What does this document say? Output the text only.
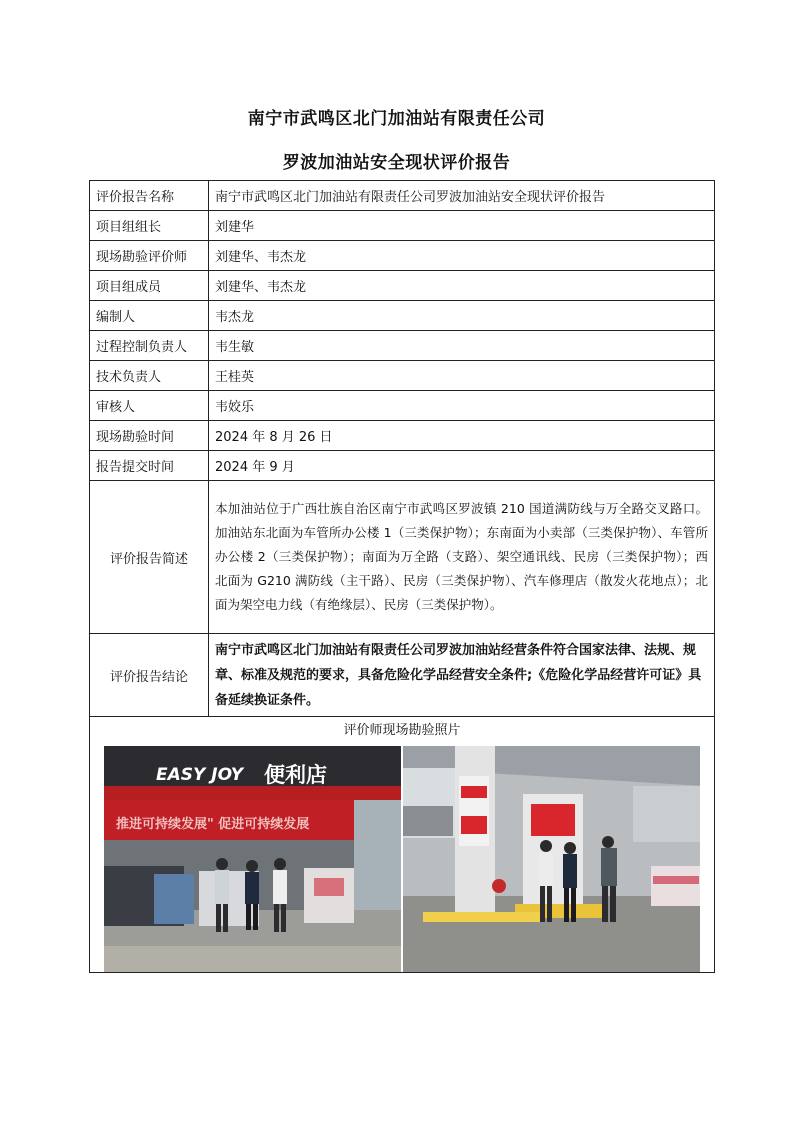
南宁市武鸣区北门加油站有限责任公司
罗波加油站安全现状评价报告
评价报告名称	南宁市武鸣区北门加油站有限责任公司罗波加油站安全现状评价报告
项目组组长	刘建华
现场勘验评价师	刘建华、韦杰龙
项目组成员	刘建华、韦杰龙
编制人	韦杰龙
过程控制负责人	韦生敏
技术负责人	王桂英
审核人	韦姣乐
现场勘验时间	2024 年 8 月 26 日
报告提交时间	2024 年 9 月
评价报告简述	本加油站位于广西壮族自治区南宁市武鸣区罗波镇 210 国道满防线与万全路交叉路口。加油站东北面为车管所办公楼 1（三类保护物）；东南面为小卖部（三类保护物）、车管所办公楼 2（三类保护物）；南面为万全路（支路）、架空通讯线、民房（三类保护物）；西北面为 G210 满防线（主干路）、民房（三类保护物）、汽车修理店（散发火花地点）；北面为架空电力线（有绝缘层）、民房（三类保护物）。
评价报告结论	南宁市武鸣区北门加油站有限责任公司罗波加油站经营条件符合国家法律、法规、规章、标准及规范的要求，具备危险化学品经营安全条件;《危险化学品经营许可证》具备延续换证条件。

评价师现场勘验照片
EASY JOY 便利店
推进可持续发展" 促进可持续发展	
